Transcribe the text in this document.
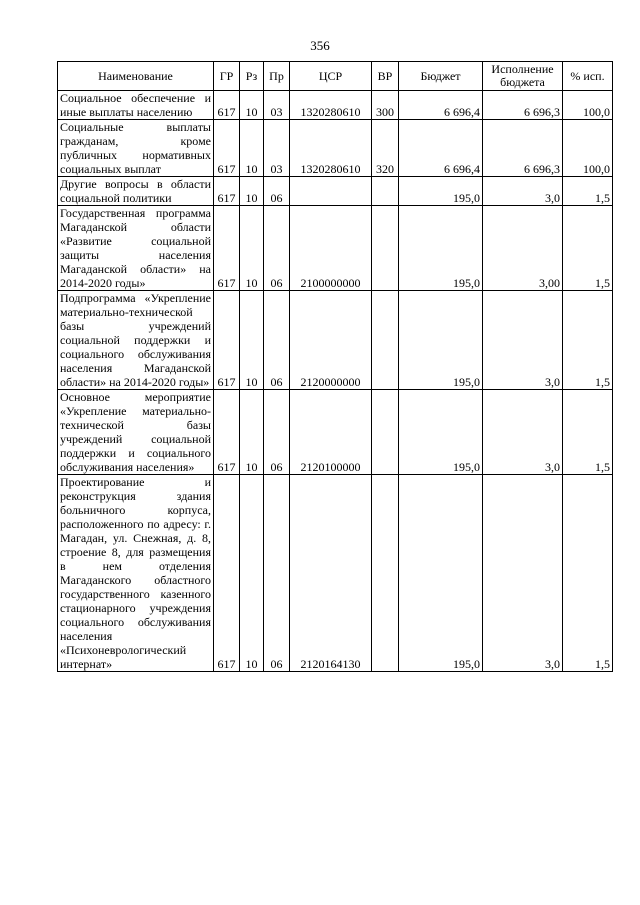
356
Наименование	ГР	Рз	Пр	ЦСР	ВР	Бюджет	Исполнение бюджета	% исп.
Социальное обеспечение и иные выплаты населению	617	10	03	1320280610	300	6 696,4	6 696,3	100,0
Социальные выплаты гражданам, кроме публичных нормативных социальных выплат	617	10	03	1320280610	320	6 696,4	6 696,3	100,0
Другие вопросы в области социальной политики	617	10	06			195,0	3,0	1,5
Государственная программа Магаданской области «Развитие социальной защиты населения Магаданской области» на 2014-2020 годы»	617	10	06	2100000000		195,0	3,00	1,5
Подпрограмма «Укрепление материально-технической базы учреждений социальной поддержки и социального обслуживания населения Магаданской области» на 2014-2020 годы»	617	10	06	2120000000		195,0	3,0	1,5
Основное мероприятие «Укрепление материально-технической базы учреждений социальной поддержки и социального обслуживания населения»	617	10	06	2120100000		195,0	3,0	1,5
Проектирование и реконструкция здания больничного корпуса, расположенного по адресу: г. Магадан, ул. Снежная, д. 8, строение 8, для размещения в нем отделения Магаданского областного государственного казенного стационарного учреждения социального обслуживания населения «Психоневрологический интернат»	617	10	06	2120164130		195,0	3,0	1,5
